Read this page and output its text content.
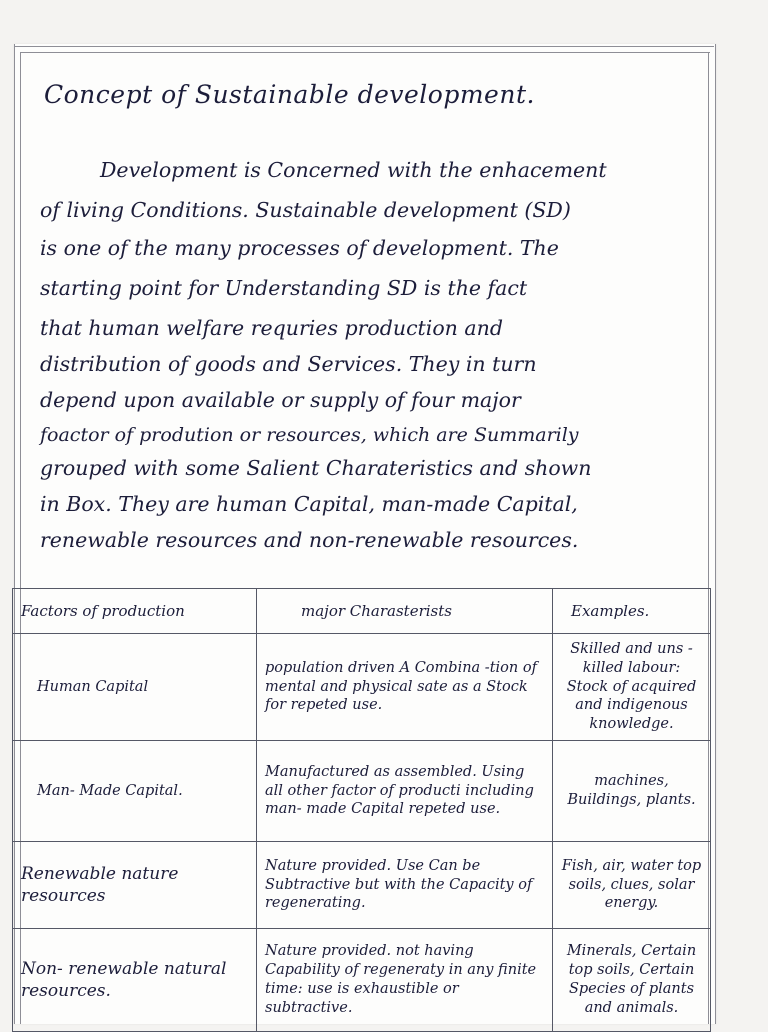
Concept of Sustainable development.
Development is Concerned with the enhacement
of living Conditions. Sustainable development (SD)
is one of the many processes of development. The
starting point for Understanding SD is the fact
that human welfare requries production and
distribution of goods and Services. They in turn
depend upon available or supply of four major
foactor of prodution or resources, which are Summarily
grouped with some Salient Charateristics and shown
in Box. They are human Capital, man-made Capital,
renewable resources and non-renewable resources.
Factors of production	major Charasterists	Examples.
Human Capital	population driven A Combina -tion of mental and physical sate as a Stock for repeted use.	Skilled and uns -killed labour: Stock of acquired and indigenous knowledge.
Man- Made Capital.	Manufactured as assembled. Using all other factor of producti including man- made Capital repeted use.	machines, Buildings, plants.
Renewable nature resources	Nature provided. Use Can be Subtractive but with the Capacity of regenerating.	Fish, air, water top soils, clues, solar energy.
Non- renewable natural resources.	Nature provided. not having Capability of regeneraty in any finite time: use is exhaustible or subtractive.	Minerals, Certain top soils, Certain Species of plants and animals.
